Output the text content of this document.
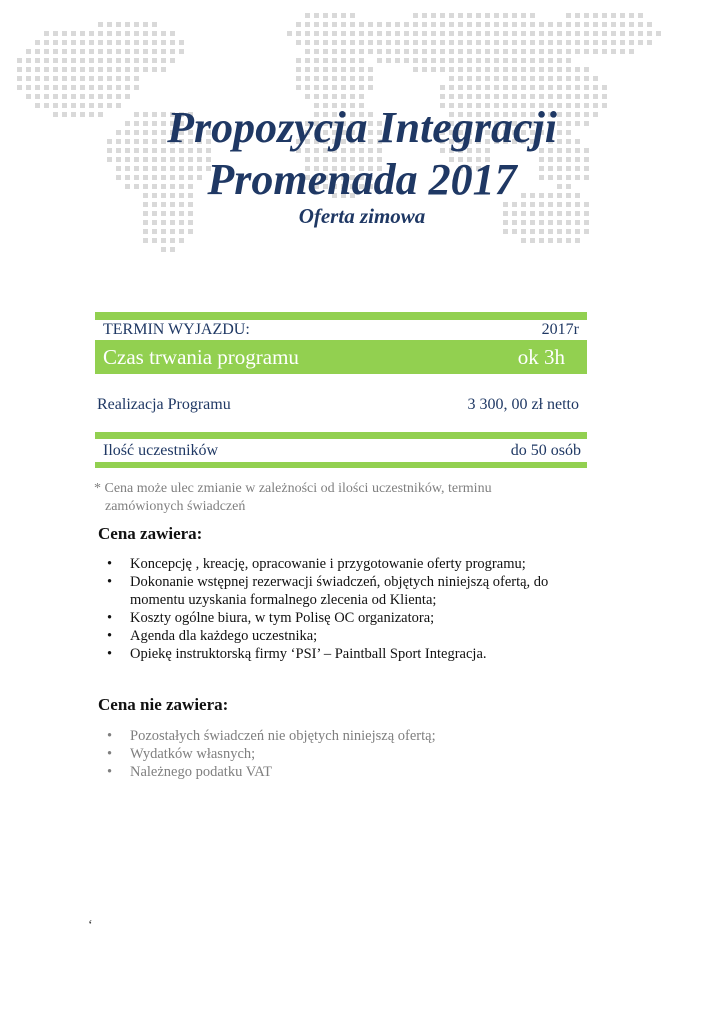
Propozycja Integracji
Promenada 2017
Oferta zimowa
TERMIN WYJAZDU:	2017r
Czas trwania programu	ok 3h
Realizacja Programu	3 300, 00 zł netto
Ilość uczestników	do 50 osób
* Cena może ulec zmianie w zależności od ilości uczestników, terminu
zamówionych świadczeń
Cena zawiera:
• Koncepcję , kreację, opracowanie i przygotowanie oferty programu;
• Dokonanie wstępnej rezerwacji świadczeń, objętych niniejszą ofertą, do momentu uzyskania formalnego zlecenia od Klienta;
• Koszty ogólne biura, w tym Polisę OC organizatora;
• Agenda dla każdego uczestnika;
• Opiekę instruktorską firmy ‘PSI’ – Paintball Sport Integracja.
Cena nie zawiera:
• Pozostałych świadczeń nie objętych niniejszą ofertą;
• Wydatków własnych;
• Należnego podatku VAT
ʻ
